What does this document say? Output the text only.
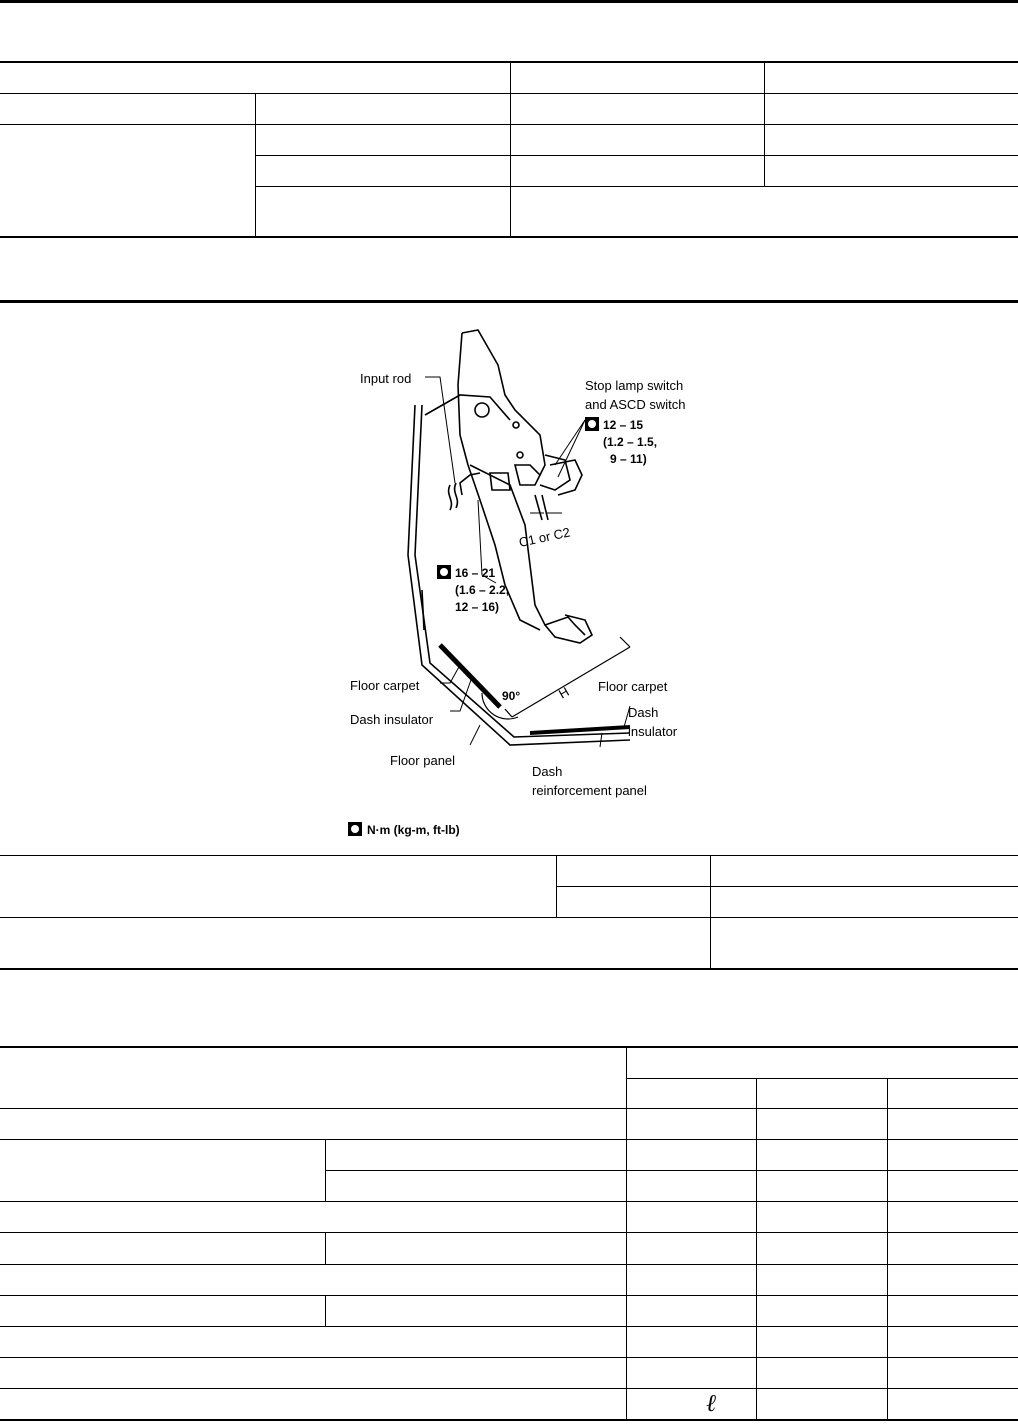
Input rod	Stop lamp switch
and ASCD switch
12 – 15
(1.2 – 1.5,
9 – 11)
C1 or C2
16 – 21
(1.6 – 2.2,
12 – 16)
Floor carpet
Dash insulator
90°	H Floor carpet
Dash
insulator
Floor panel
Dash
reinforcement panel
N·m (kg-m, ft-lb)
ℓ
